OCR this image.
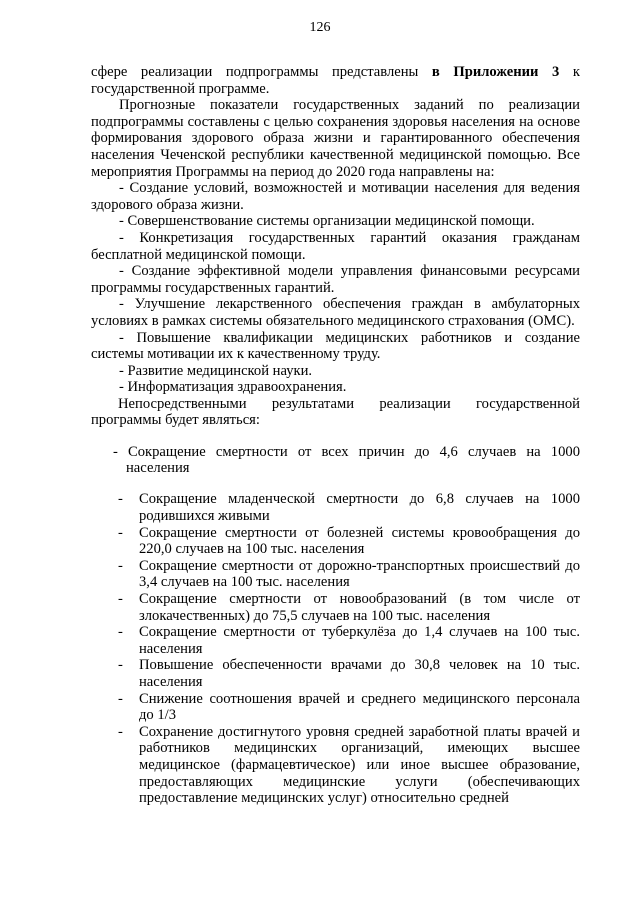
126

сфере реализации подпрограммы представлены в Приложении 3 к государственной программе.

Прогнозные показатели государственных заданий по реализации подпрограммы составлены с целью сохранения здоровья населения на основе формирования здорового образа жизни и гарантированного обеспечения населения Чеченской республики качественной медицинской помощью. Все мероприятия Программы на период до 2020 года направлены на:

- Создание условий, возможностей и мотивации населения для ведения здорового образа жизни.

- Совершенствование системы организации медицинской помощи.

- Конкретизация государственных гарантий оказания гражданам бесплатной медицинской помощи.

- Создание эффективной модели управления финансовыми ресурсами программы государственных гарантий.

- Улучшение лекарственного обеспечения граждан в амбулаторных условиях в рамках системы обязательного медицинского страхования (ОМС).

- Повышение квалификации медицинских работников и создание системы мотивации их к качественному труду.

- Развитие медицинской науки.

- Информатизация здравоохранения.

Непосредственными результатами реализации государственной программы будет являться:

- Сокращение смертности от всех причин до 4,6 случаев на 1000 населения

- Сокращение младенческой смертности до 6,8 случаев на 1000 родившихся живыми
- Сокращение смертности от болезней системы кровообращения до 220,0 случаев на 100 тыс. населения
- Сокращение смертности от дорожно-транспортных происшествий до 3,4 случаев на 100 тыс. населения
- Сокращение смертности от новообразований (в том числе от злокачественных) до 75,5 случаев на 100 тыс. населения
- Сокращение смертности от туберкулёза до 1,4 случаев на 100 тыс. населения
- Повышение обеспеченности врачами до 30,8 человек на 10 тыс. населения
- Снижение соотношения врачей и среднего медицинского персонала до 1/3
- Сохранение достигнутого уровня средней заработной платы врачей и работников медицинских организаций, имеющих высшее медицинское (фармацевтическое) или иное высшее образование, предоставляющих медицинские услуги (обеспечивающих предоставление медицинских услуг) относительно средней
